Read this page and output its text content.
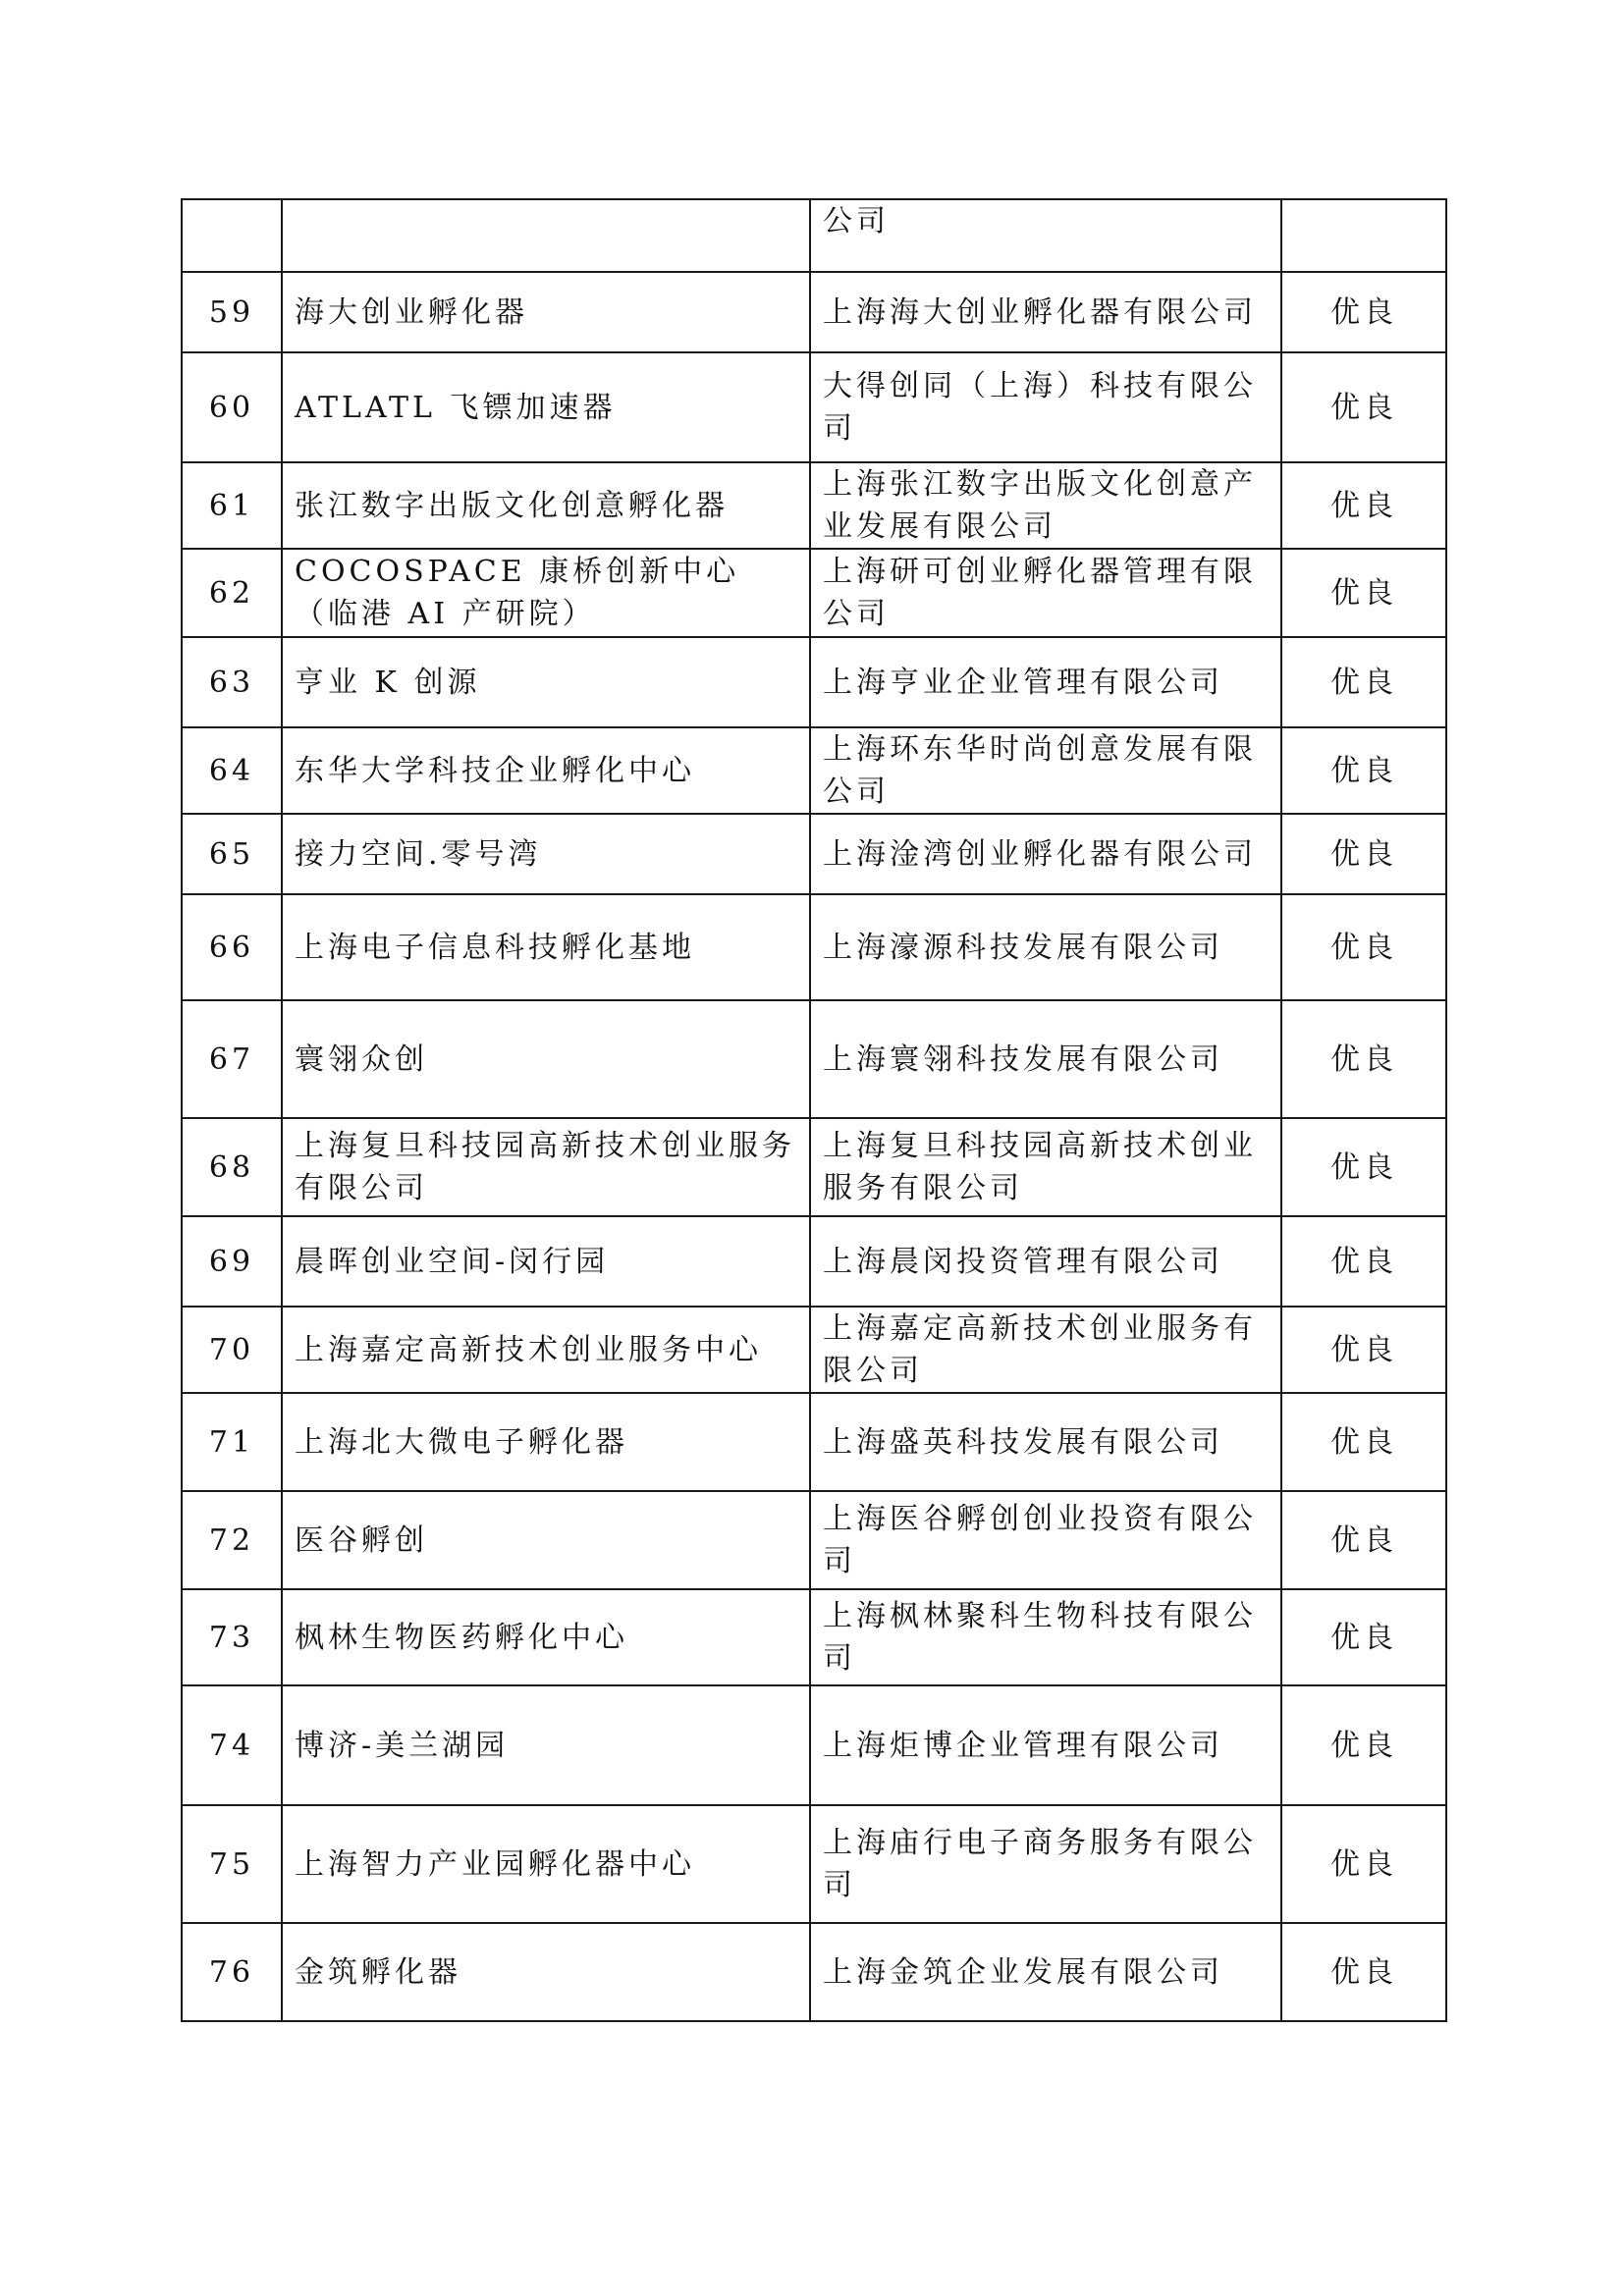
		公司	
59	海大创业孵化器	上海海大创业孵化器有限公司	优良
60	ATLATL 飞镖加速器	大得创同（上海）科技有限公司	优良
61	张江数字出版文化创意孵化器	上海张江数字出版文化创意产业发展有限公司	优良
62	COCOSPACE 康桥创新中心（临港 AI 产研院）	上海研可创业孵化器管理有限公司	优良
63	亨业 K 创源	上海亨业企业管理有限公司	优良
64	东华大学科技企业孵化中心	上海环东华时尚创意发展有限公司	优良
65	接力空间.零号湾	上海淦湾创业孵化器有限公司	优良
66	上海电子信息科技孵化基地	上海濠源科技发展有限公司	优良
67	寰翎众创	上海寰翎科技发展有限公司	优良
68	上海复旦科技园高新技术创业服务有限公司	上海复旦科技园高新技术创业服务有限公司	优良
69	晨晖创业空间-闵行园	上海晨闵投资管理有限公司	优良
70	上海嘉定高新技术创业服务中心	上海嘉定高新技术创业服务有限公司	优良
71	上海北大微电子孵化器	上海盛英科技发展有限公司	优良
72	医谷孵创	上海医谷孵创创业投资有限公司	优良
73	枫林生物医药孵化中心	上海枫林聚科生物科技有限公司	优良
74	博济-美兰湖园	上海炬博企业管理有限公司	优良
75	上海智力产业园孵化器中心	上海庙行电子商务服务有限公司	优良
76	金筑孵化器	上海金筑企业发展有限公司	优良
